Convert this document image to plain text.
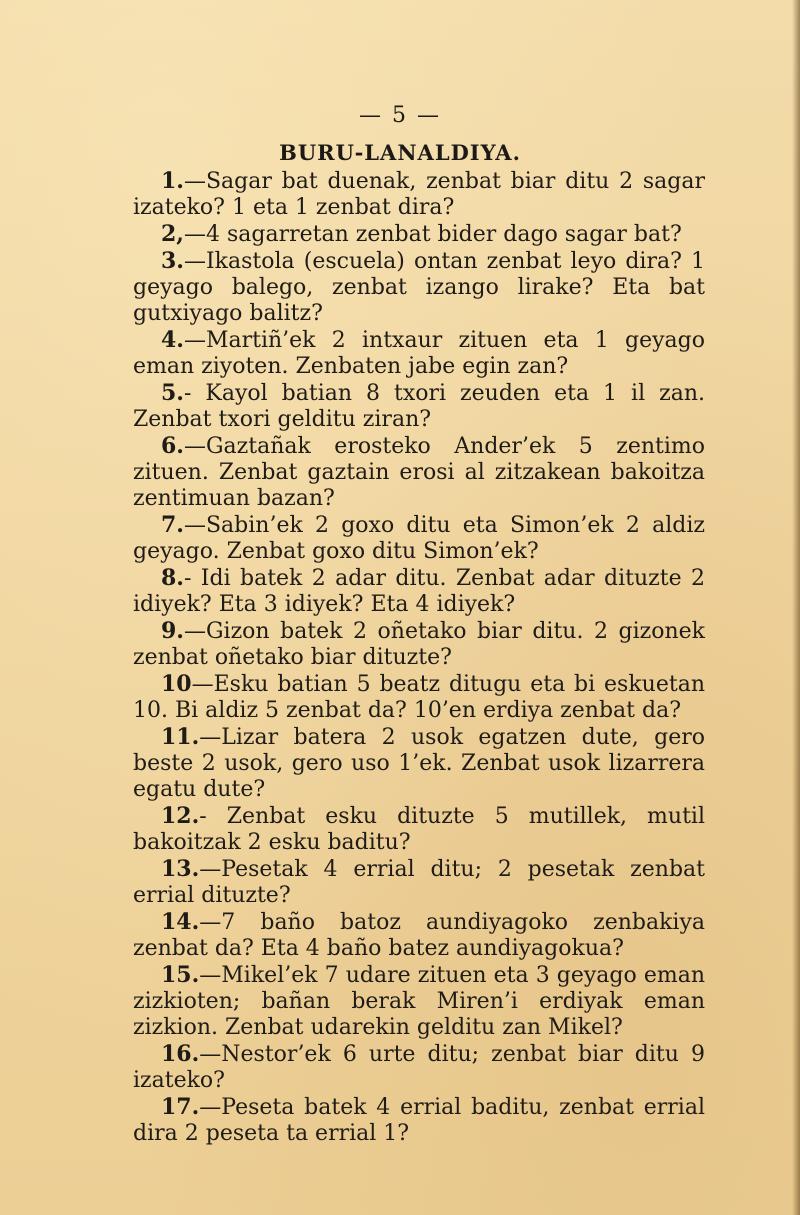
— 5 —
BURU-LANALDIYA.

1.—Sagar bat duenak, zenbat biar ditu 2 sagar izateko? 1 eta 1 zenbat dira?

2,—4 sagarretan zenbat bider dago sagar bat?

3.—Ikastola (escuela) ontan zenbat leyo dira? 1 geyago balego, zenbat izango lirake? Eta bat gutxiyago balitz?

4.—Martiñ’ek 2 intxaur zituen eta 1 geyago eman ziyoten. Zenbaten jabe egin zan?

5.- Kayol batian 8 txori zeuden eta 1 il zan. Zenbat txori gelditu ziran?

6.—Gaztañak erosteko Ander’ek 5 zentimo zituen. Zenbat gaztain erosi al zitzakean bakoitza zentimuan bazan?

7.—Sabin’ek 2 goxo ditu eta Simon’ek 2 aldiz geyago. Zenbat goxo ditu Simon’ek?

8.- Idi batek 2 adar ditu. Zenbat adar dituzte 2 idiyek? Eta 3 idiyek? Eta 4 idiyek?

9.—Gizon batek 2 oñetako biar ditu. 2 gizonek zenbat oñetako biar dituzte?

10—Esku batian 5 beatz ditugu eta bi eskuetan 10. Bi aldiz 5 zenbat da? 10’en erdiya zenbat da?

11.—Lizar batera 2 usok egatzen dute, gero beste 2 usok, gero uso 1’ek. Zenbat usok lizarrera egatu dute?

12.- Zenbat esku dituzte 5 mutillek, mutil bakoitzak 2 esku baditu?

13.—Pesetak 4 errial ditu; 2 pesetak zenbat errial dituzte?

14.—7 baño batoz aundiyagoko zenbakiya zenbat da? Eta 4 baño batez aundiyagokua?

15.—Mikel’ek 7 udare zituen eta 3 geyago eman zizkioten; bañan berak Miren’i erdiyak eman zizkion. Zenbat udarekin gelditu zan Mikel?

16.—Nestor’ek 6 urte ditu; zenbat biar ditu 9 izateko?

17.—Peseta batek 4 errial baditu, zenbat errial dira 2 peseta ta errial 1?
